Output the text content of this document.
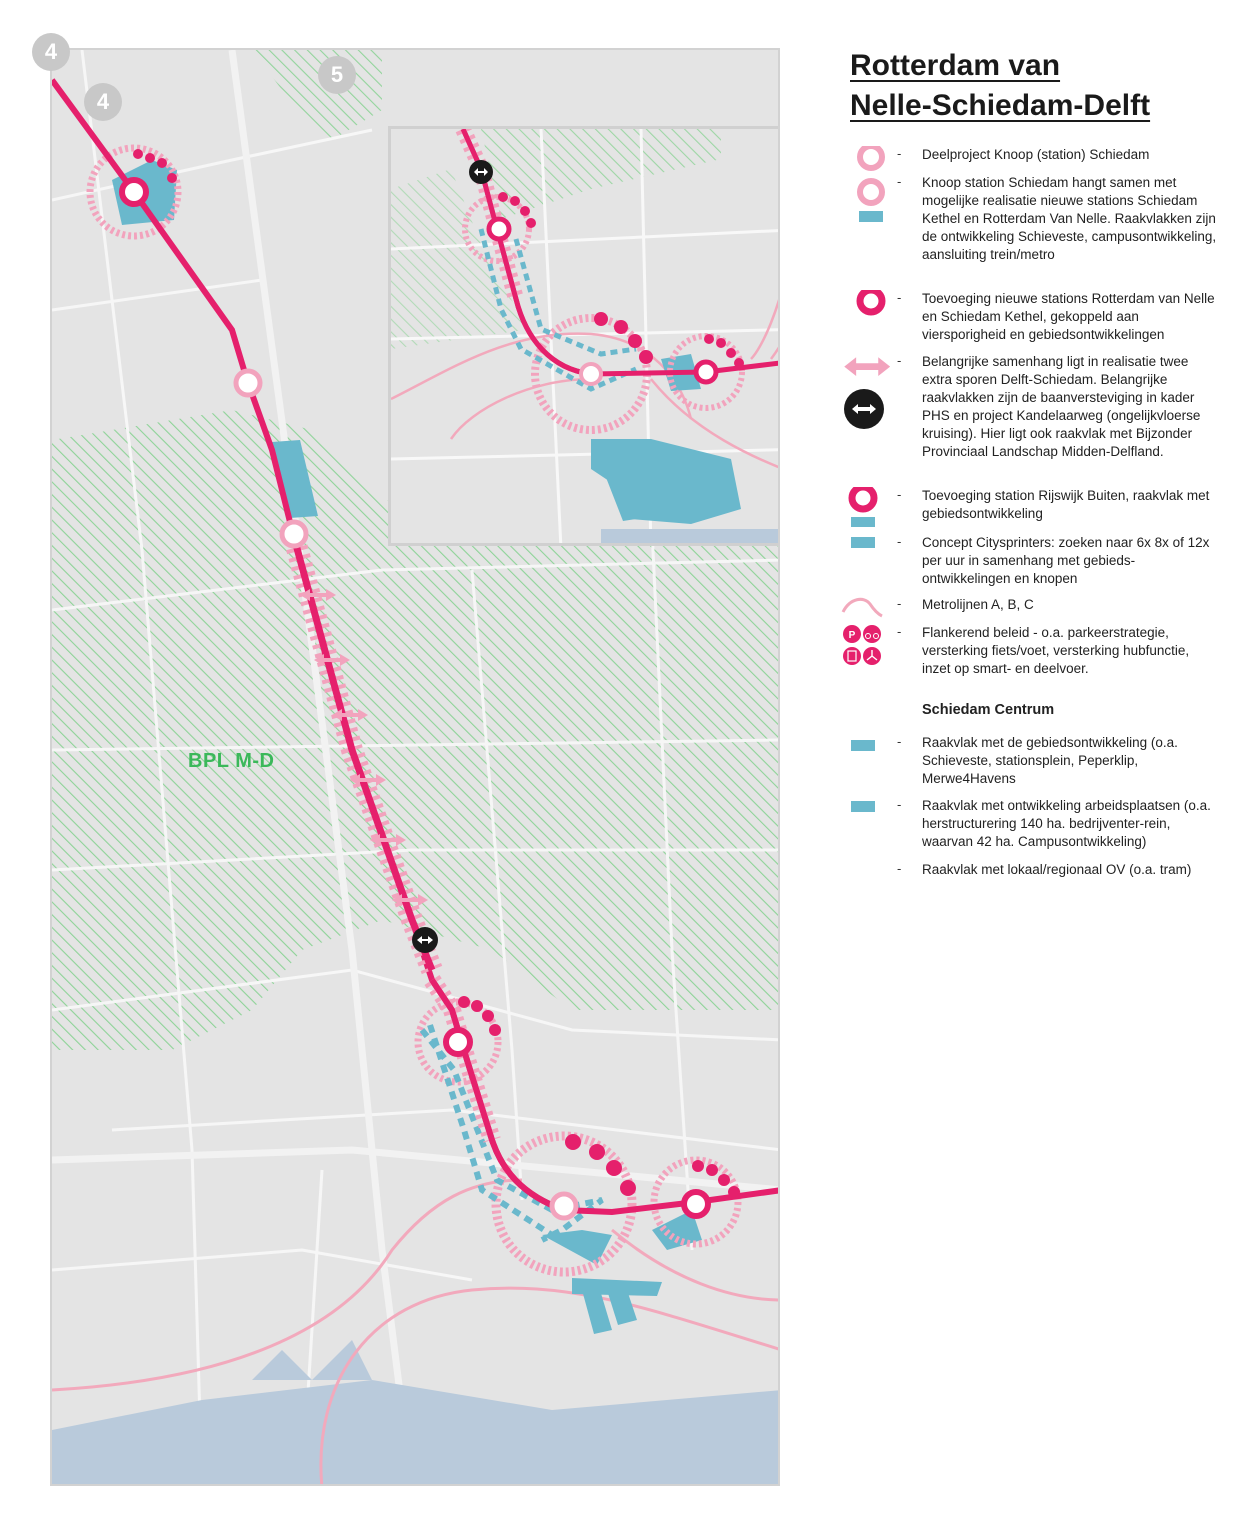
4
5
BPL M-D
4	Rotterdam van
Nelle-Schiedam-Delft
- Deelproject Knoop (station) Schiedam
- Knoop station Schiedam hangt samen met mogelijke realisatie nieuwe stations Schiedam Kethel en Rotterdam Van Nelle. Raakvlakken zijn de ontwikkeling Schieveste, campusontwikkeling, aansluiting trein/metro
- Toevoeging nieuwe stations Rotterdam van Nelle en Schiedam Kethel, gekoppeld aan viersporigheid en gebiedsontwikkelingen
- Belangrijke samenhang ligt in realisatie twee extra sporen Delft-Schiedam. Belangrijke raakvlakken zijn de baanversteviging in kader PHS en project Kandelaarweg (ongelijkvloerse kruising). Hier ligt ook raakvlak met Bijzonder Provinciaal Landschap Midden-Delfland.
- Toevoeging station Rijswijk Buiten, raakvlak met gebiedsontwikkeling
- Concept Citysprinters: zoeken naar 6x 8x of 12x per uur in samenhang met gebieds-ontwikkelingen en knopen
- Metrolijnen A, B, C
P	- Flankerend beleid - o.a. parkeerstrategie, versterking fiets/voet, versterking hubfunctie, inzet op smart- en deelvoer.
Schiedam Centrum
- Raakvlak met de gebiedsontwikkeling (o.a. Schieveste, stationsplein, Peperklip, Merwe4Havens
- Raakvlak met ontwikkeling arbeidsplaatsen (o.a. herstructurering 140 ha. bedrijventer-rein, waarvan 42 ha. Campusontwikkeling)
- Raakvlak met lokaal/regionaal OV (o.a. tram)
